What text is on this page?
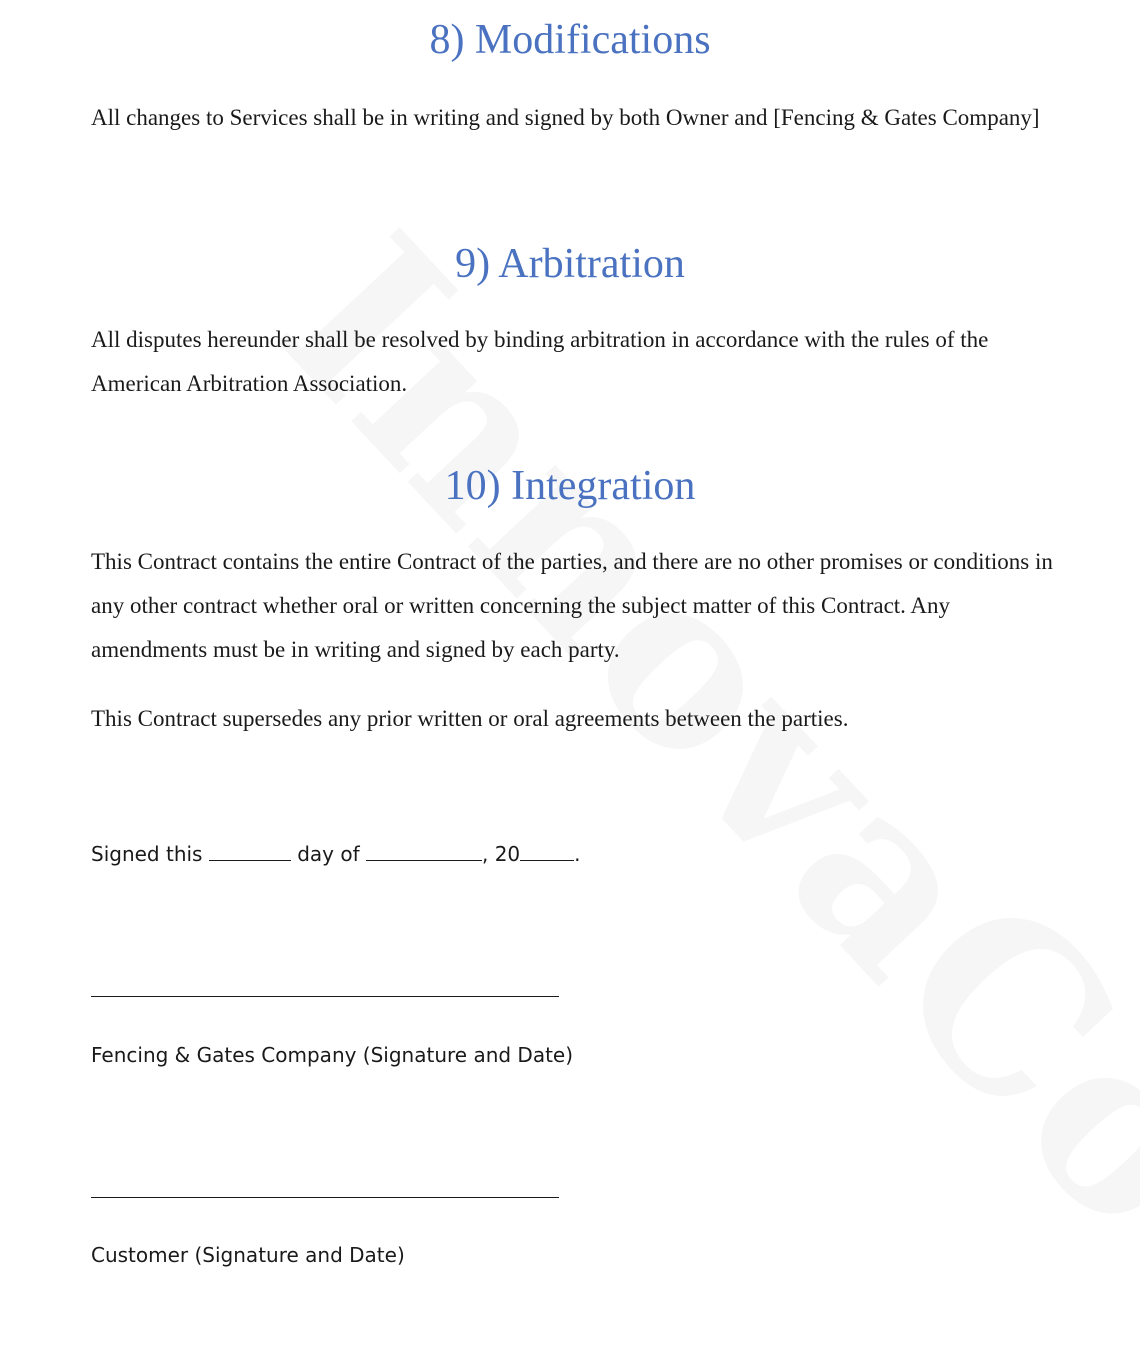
8) Modifications

All changes to Services shall be in writing and signed by both Owner and [Fencing & Gates Company]

9) Arbitration

All disputes hereunder shall be resolved by binding arbitration in accordance with the rules of the American Arbitration Association.

10) Integration

This Contract contains the entire Contract of the parties, and there are no other promises or conditions in any other contract whether oral or written concerning the subject matter of this Contract. Any amendments must be in writing and signed by each party.

This Contract supersedes any prior written or oral agreements between the parties.

Signed this	day of	, 20	.
Fencing & Gates Company (Signature and Date)
Customer (Signature and Date)
